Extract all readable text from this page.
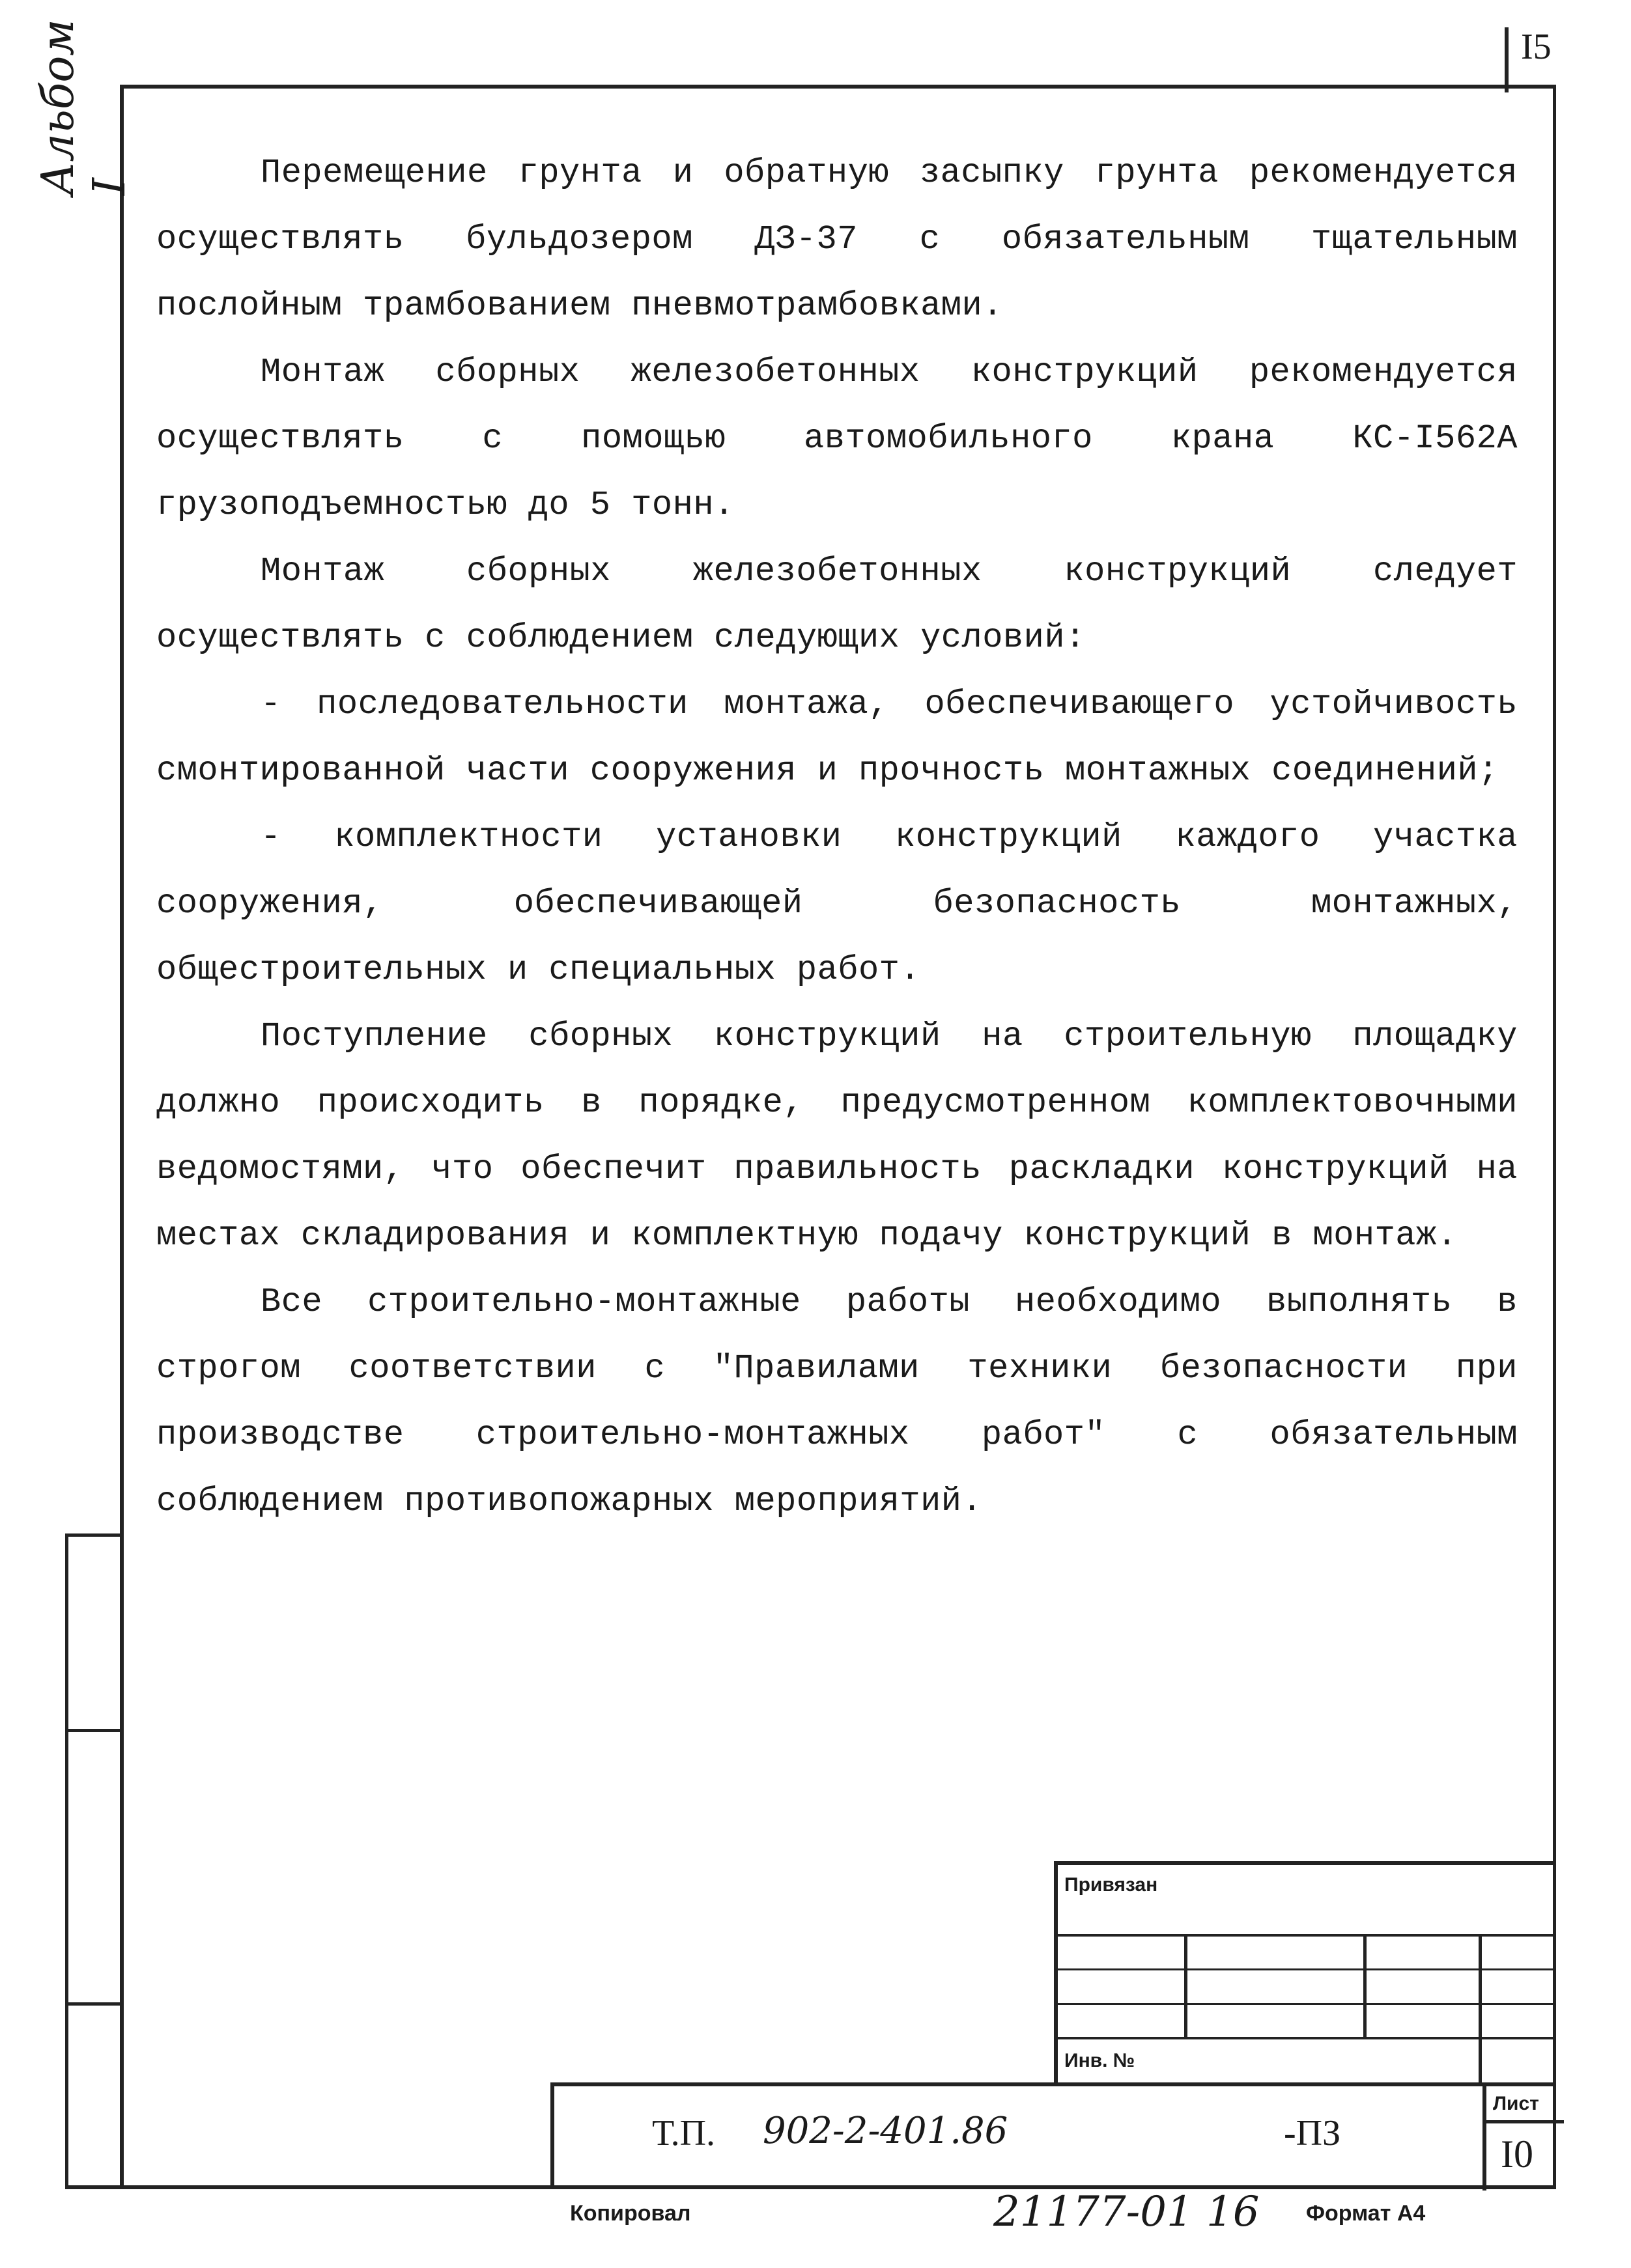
I5
Альбом I	Перемещение грунта и обратную засыпку грунта рекомендуется осуществлять бульдозером ДЗ-37 с обязательным тщательным послойным трамбованием пневмотрамбовками.

Монтаж сборных железобетонных конструкций рекомендуется осуществлять с помощью автомобильного крана КС-I562А грузоподъемностью до 5 тонн.

Монтаж сборных железобетонных конструкций следует осуществлять с соблюдением следующих условий:

- последовательности монтажа, обеспечивающего устойчивость смонтированной части сооружения и прочность монтажных соединений;

- комплектности установки конструкций каждого участка сооружения, обеспечивающей безопасность монтажных, общестроительных и специальных работ.

Поступление сборных конструкций на строительную площадку должно происходить в порядке, предусмотренном комплектовочными ведомостями, что обеспечит правильность раскладки конструкций на местах складирования и комплектную подачу конструкций в монтаж.

Все строительно-монтажные работы необходимо выполнять в строгом соответствии с "Правилами техники безопасности при производстве строительно-монтажных работ" с обязательным соблюдением противопожарных мероприятий.

Привязан
Инв. №
Т.П. 902-2-401.86	-ПЗ
Лист
I0
Копировал	21177-01 16 Формат А4
